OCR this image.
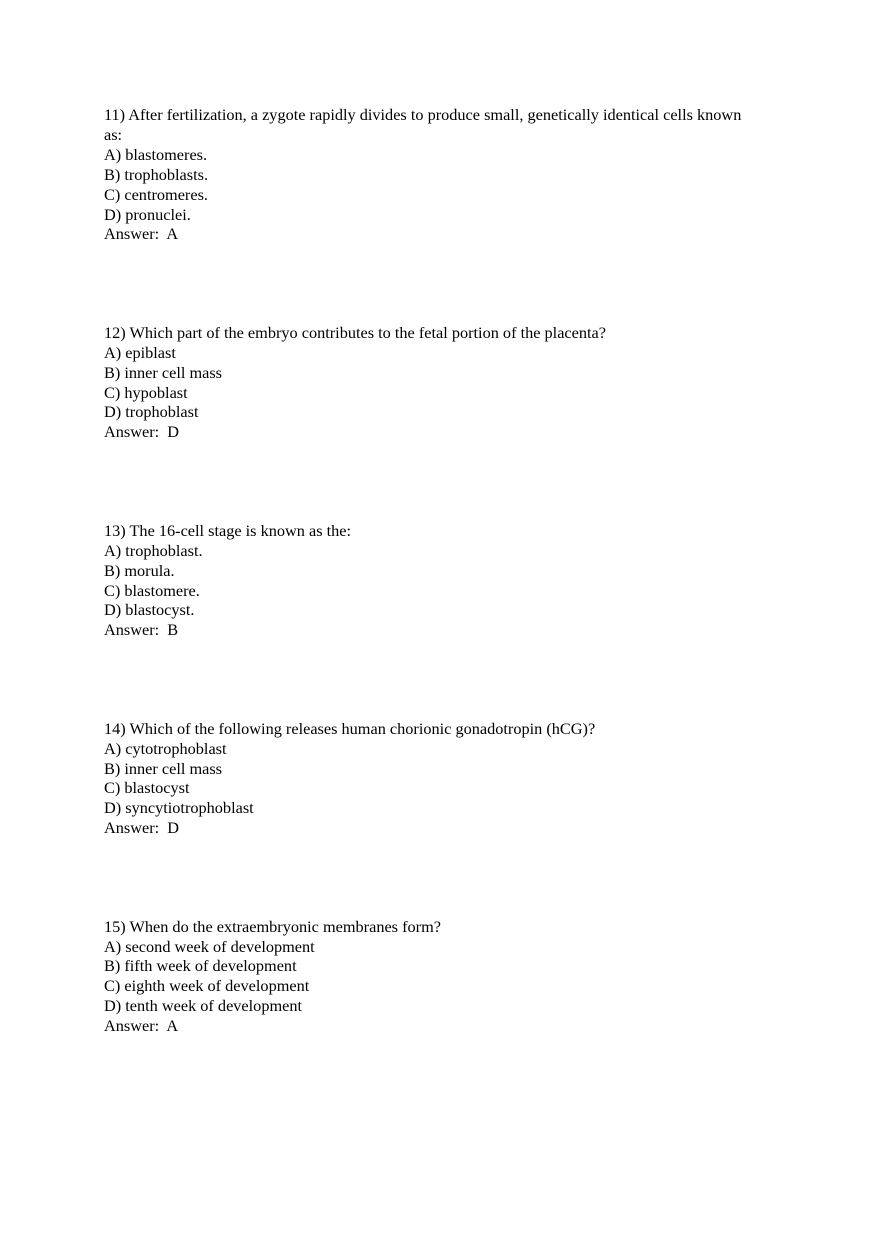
11) After fertilization, a zygote rapidly divides to produce small, genetically identical cells known as:
A) blastomeres.
B) trophoblasts.
C) centromeres.
D) pronuclei.
Answer:  A
12) Which part of the embryo contributes to the fetal portion of the placenta?
A) epiblast
B) inner cell mass
C) hypoblast
D) trophoblast
Answer:  D
13) The 16-cell stage is known as the:
A) trophoblast.
B) morula.
C) blastomere.
D) blastocyst.
Answer:  B
14) Which of the following releases human chorionic gonadotropin (hCG)?
A) cytotrophoblast
B) inner cell mass
C) blastocyst
D) syncytiotrophoblast
Answer:  D
15) When do the extraembryonic membranes form?
A) second week of development
B) fifth week of development
C) eighth week of development
D) tenth week of development
Answer:  A
